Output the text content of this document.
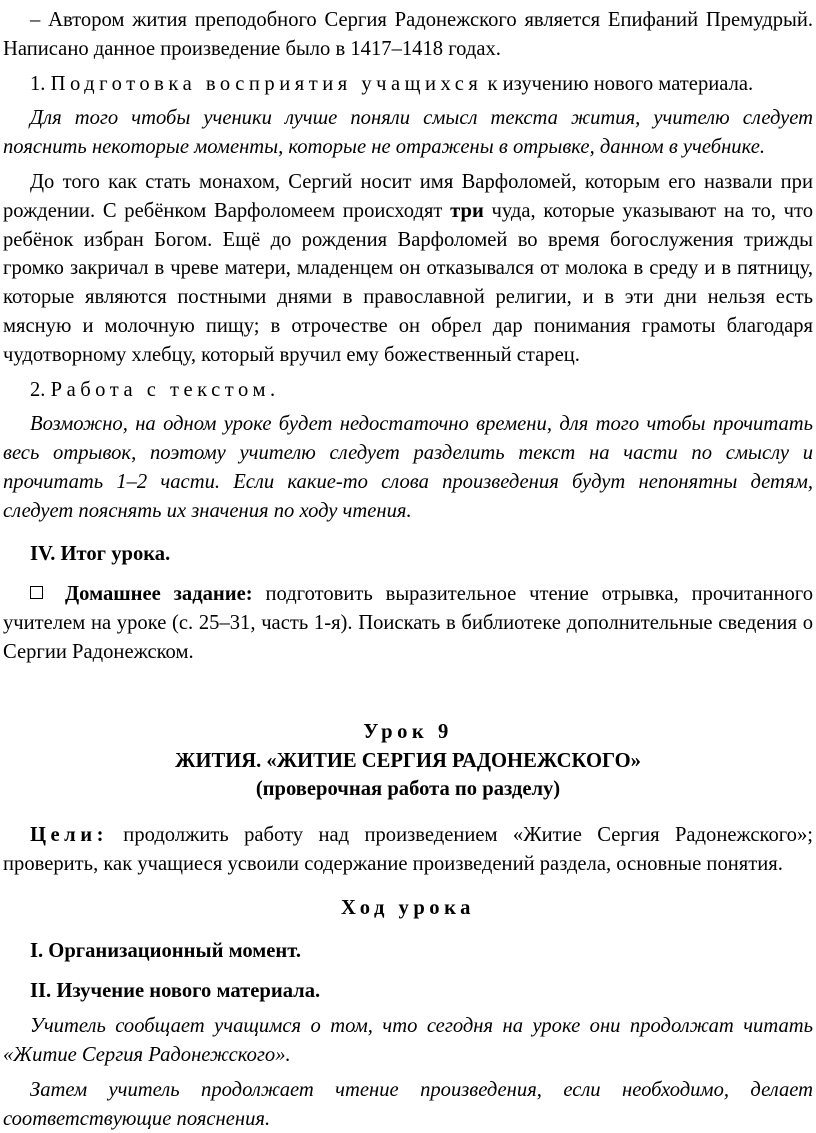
– Автором жития преподобного Сергия Радонежского является Епифаний Премудрый. Написано данное произведение было в 1417–1418 годах.

1. Подготовка восприятия учащихся к изучению нового материала.

Для того чтобы ученики лучше поняли смысл текста жития, учителю следует пояснить некоторые моменты, которые не отражены в отрывке, данном в учебнике.

До того как стать монахом, Сергий носит имя Варфоломей, которым его назвали при рождении. С ребёнком Варфоломеем происходят три чуда, которые указывают на то, что ребёнок избран Богом. Ещё до рождения Варфоломей во время богослужения трижды громко закричал в чреве матери, младенцем он отказывался от молока в среду и в пятницу, которые являются постными днями в православной религии, и в эти дни нельзя есть мясную и молочную пищу; в отрочестве он обрел дар понимания грамоты благодаря чудотворному хлебцу, который вручил ему божественный старец.

2. Работа с текстом.

Возможно, на одном уроке будет недостаточно времени, для того чтобы прочитать весь отрывок, поэтому учителю следует разделить текст на части по смыслу и прочитать 1–2 части. Если какие-то слова произведения будут непонятны детям, следует пояснять их значения по ходу чтения.

IV. Итог урока.

Домашнее задание: подготовить выразительное чтение отрывка, прочитанного учителем на уроке (с. 25–31, часть 1-я). Поискать в библиотеке дополнительные сведения о Сергии Радонежском.

Урок 9

ЖИТИЯ. «ЖИТИЕ СЕРГИЯ РАДОНЕЖСКОГО»

(проверочная работа по разделу)

Цели: продолжить работу над произведением «Житие Сергия Радонежского»; проверить, как учащиеся усвоили содержание произведений раздела, основные понятия.

Ход урока

I. Организационный момент.

II. Изучение нового материала.

Учитель сообщает учащимся о том, что сегодня на уроке они продолжат читать «Житие Сергия Радонежского».

Затем учитель продолжает чтение произведения, если необходимо, делает соответствующие пояснения.
